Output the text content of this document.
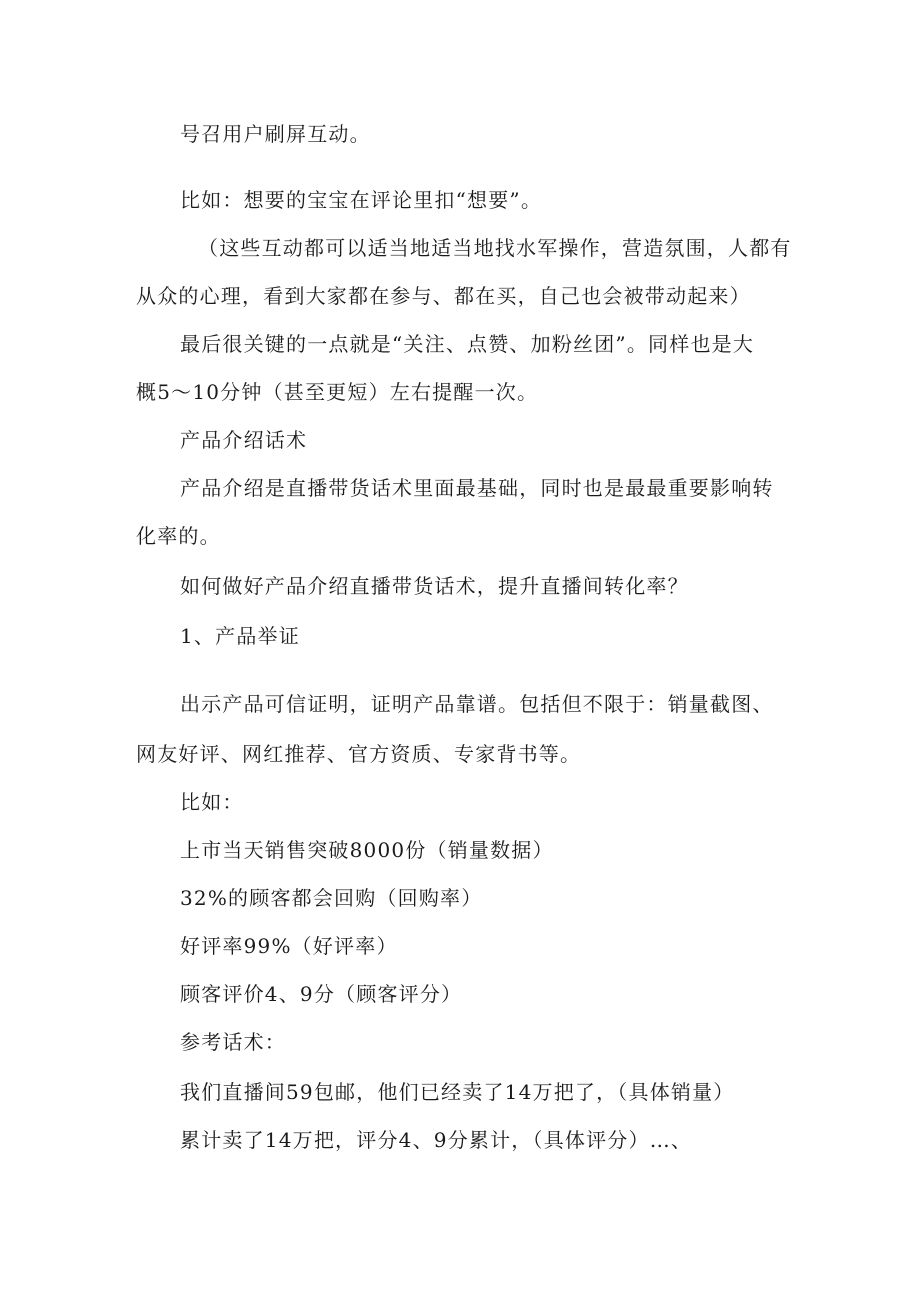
号召用户刷屏互动。
比如：想要的宝宝在评论里扣“想要”。
（这些互动都可以适当地适当地找水军操作，营造氛围，人都有
从众的心理，看到大家都在参与、都在买，自己也会被带动起来）
最后很关键的一点就是“关注、点赞、加粉丝团”。同样也是大
概5～10分钟（甚至更短）左右提醒一次。
产品介绍话术
产品介绍是直播带货话术里面最基础，同时也是最最重要影响转
化率的。
如何做好产品介绍直播带货话术，提升直播间转化率？
1、产品举证
出示产品可信证明，证明产品靠谱。包括但不限于：销量截图、
网友好评、网红推荐、官方资质、专家背书等。
比如：
上市当天销售突破8000份（销量数据）
32%的顾客都会回购（回购率）
好评率99%（好评率）
顾客评价4、9分（顾客评分）
参考话术：
我们直播间59包邮，他们已经卖了14万把了，（具体销量）
累计卖了14万把，评分4、9分累计，（具体评分）…、
